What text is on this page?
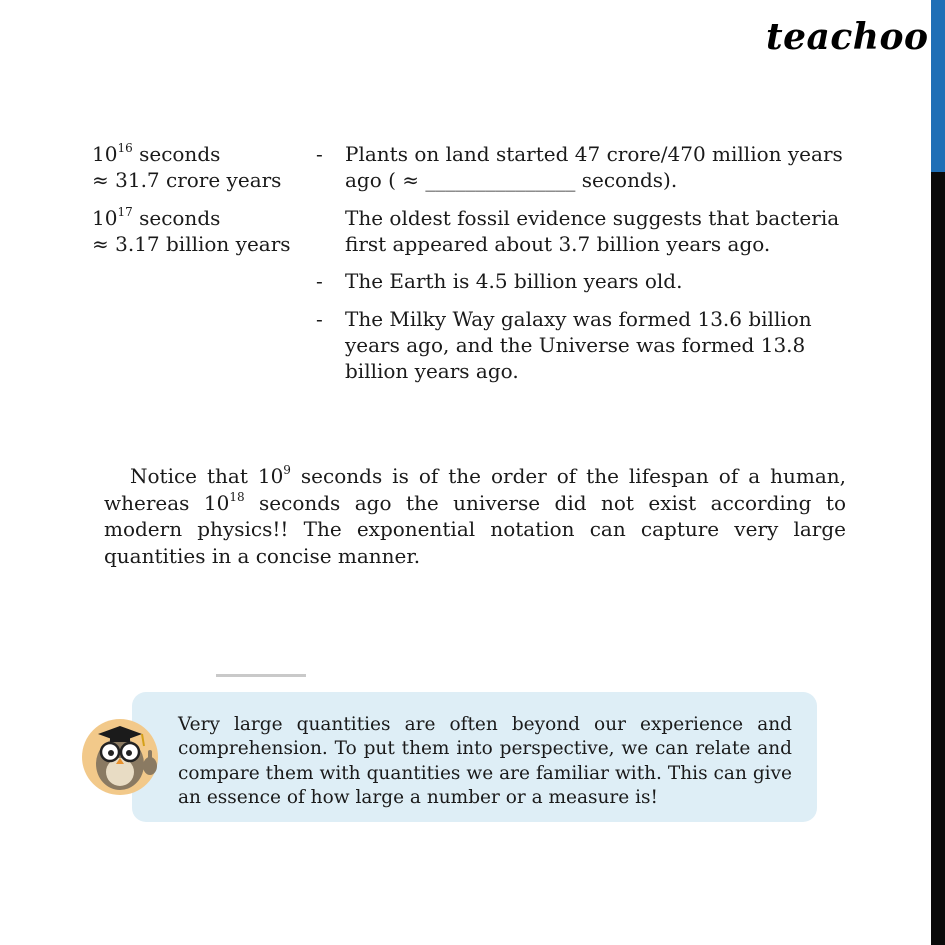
teachoo
$10^{16}$ seconds
≈ 31.7 crore years
-	Plants on land started 47 crore/470 million years
ago ( ≈ _______________ seconds).
$10^{17}$ seconds
≈ 3.17 billion years
The oldest fossil evidence suggests that bacteria
first appeared about 3.7 billion years ago.
-	The Earth is 4.5 billion years old.
-	The Milky Way galaxy was formed 13.6 billion
years ago, and the Universe was formed 13.8
billion years ago.
Notice that $10^9$ seconds is of the order of the lifespan of a human, whereas $10^{18}$ seconds ago the universe did not exist according to modern physics!! The exponential notation can capture very large quantities in a concise manner.
Very large quantities are often beyond our experience and comprehension. To put them into perspective, we can relate and compare them with quantities we are familiar with. This can give an essence of how large a number or a measure is!
